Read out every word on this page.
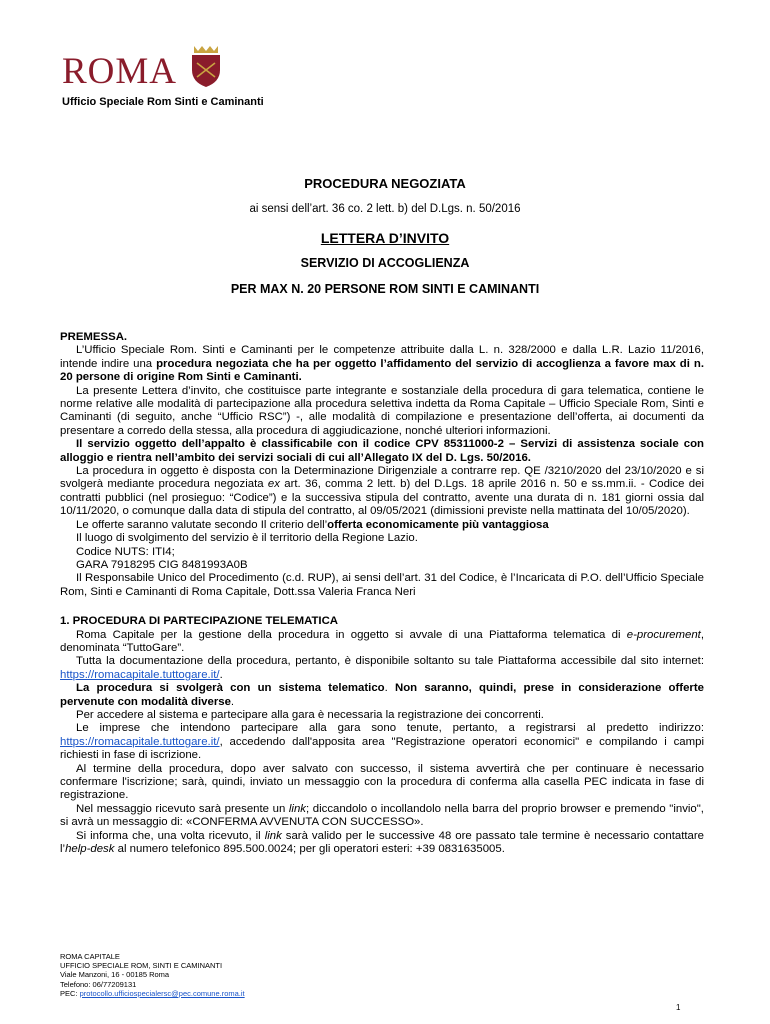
ROMA
Ufficio Speciale Rom Sinti e Caminanti
PROCEDURA NEGOZIATA
ai sensi dell’art. 36 co. 2 lett. b) del D.Lgs. n. 50/2016
LETTERA D’INVITO
SERVIZIO DI ACCOGLIENZA
PER MAX N. 20 PERSONE ROM SINTI E CAMINANTI

PREMESSA.

L’Ufficio Speciale Rom. Sinti e Caminanti per le competenze attribuite dalla L. n. 328/2000 e dalla L.R. Lazio 11/2016, intende indire una procedura negoziata che ha per oggetto l’affidamento del servizio di accoglienza a favore max di n. 20 persone di origine Rom Sinti e Caminanti.

La presente Lettera d’invito, che costituisce parte integrante e sostanziale della procedura di gara telematica, contiene le norme relative alle modalità di partecipazione alla procedura selettiva indetta da Roma Capitale – Ufficio Speciale Rom, Sinti e Caminanti (di seguito, anche “Ufficio RSC”) -, alle modalità di compilazione e presentazione dell’offerta, ai documenti da presentare a corredo della stessa, alla procedura di aggiudicazione, nonché ulteriori informazioni.

Il servizio oggetto dell’appalto è classificabile con il codice CPV 85311000-2 – Servizi di assistenza sociale con alloggio e rientra nell’ambito dei servizi sociali di cui all’Allegato IX del D. Lgs. 50/2016.

La procedura in oggetto è disposta con la Determinazione Dirigenziale a contrarre rep. QE /3210/2020 del 23/10/2020 e si svolgerà mediante procedura negoziata ex art. 36, comma 2 lett. b) del D.Lgs. 18 aprile 2016 n. 50 e ss.mm.ii. - Codice dei contratti pubblici (nel prosieguo: “Codice”) e la successiva stipula del contratto, avente una durata di n. 181 giorni ossia dal 10/11/2020, o comunque dalla data di stipula del contratto, al 09/05/2021 (dimissioni previste nella mattinata del 10/05/2020).

Le offerte saranno valutate secondo Il criterio dell’offerta economicamente più vantaggiosa

Il luogo di svolgimento del servizio è il territorio della Regione Lazio.

Codice NUTS: ITI4;

GARA 7918295 CIG 8481993A0B

Il Responsabile Unico del Procedimento (c.d. RUP), ai sensi dell’art. 31 del Codice, è l’Incaricata di P.O. dell’Ufficio Speciale Rom, Sinti e Caminanti di Roma Capitale, Dott.ssa Valeria Franca Neri

1. PROCEDURA DI PARTECIPAZIONE TELEMATICA

Roma Capitale per la gestione della procedura in oggetto si avvale di una Piattaforma telematica di e-procurement, denominata “TuttoGare”.

Tutta la documentazione della procedura, pertanto, è disponibile soltanto su tale Piattaforma accessibile dal sito internet: https://romacapitale.tuttogare.it/.

La procedura si svolgerà con un sistema telematico. Non saranno, quindi, prese in considerazione offerte pervenute con modalità diverse.

Per accedere al sistema e partecipare alla gara è necessaria la registrazione dei concorrenti.

Le imprese che intendono partecipare alla gara sono tenute, pertanto, a registrarsi al predetto indirizzo: https://romacapitale.tuttogare.it/, accedendo dall'apposita area "Registrazione operatori economici" e compilando i campi richiesti in fase di iscrizione.

Al termine della procedura, dopo aver salvato con successo, il sistema avvertirà che per continuare è necessario confermare l'iscrizione; sarà, quindi, inviato un messaggio con la procedura di conferma alla casella PEC indicata in fase di registrazione.

Nel messaggio ricevuto sarà presente un link; diccandolo o incollandolo nella barra del proprio browser e premendo "invio", si avrà un messaggio di: «CONFERMA AVVENUTA CON SUCCESSO».

Si informa che, una volta ricevuto, il link sarà valido per le successive 48 ore passato tale termine è necessario contattare l’help-desk al numero telefonico 895.500.0024; per gli operatori esteri: +39 0831635005.

ROMA CAPITALE
UFFICIO SPECIALE ROM, SINTI E CAMINANTI
Viale Manzoni, 16 - 00185 Roma
Telefono: 06/77209131
PEC: protocollo.ufficiospecialersc@pec.comune.roma.it
1
